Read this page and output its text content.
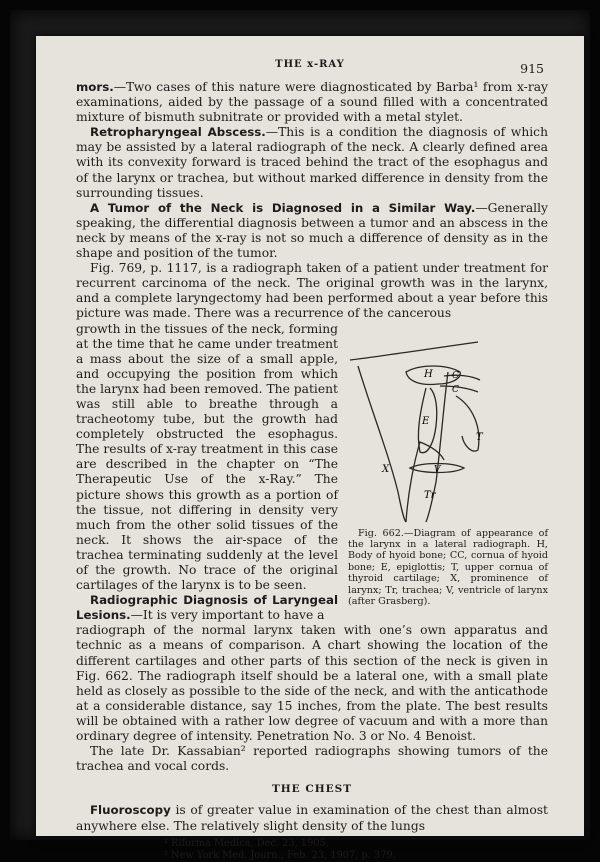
THE x-RAY	915

mors.—Two cases of this nature were diagnosticated by Barba¹ from x-ray examinations, aided by the passage of a sound filled with a concentrated mixture of bismuth subnitrate or provided with a metal stylet.

Retropharyngeal Abscess.—This is a condition the diagnosis of which may be assisted by a lateral radiograph of the neck. A clearly defined area with its convexity forward is traced behind the tract of the esophagus and of the larynx or trachea, but without marked difference in density from the surrounding tissues.

A Tumor of the Neck is Diagnosed in a Similar Way.—Generally speaking, the differential diagnosis between a tumor and an abscess in the neck by means of the x-ray is not so much a difference of density as in the shape and position of the tumor.

Fig. 769, p. 1117, is a radiograph taken of a patient under treatment for recurrent carcinoma of the neck. The original growth was in the larynx, and a complete laryngectomy had been performed about a year before this picture was made. There was a recurrence of the cancerous

growth in the tissues of the neck, forming at the time that he came under treatment a mass about the size of a small apple, and occupying the position from which the larynx had been removed. The patient was still able to breathe through a tracheotomy tube, but the growth had completely obstructed the esophagus. The results of x-ray treatment in this case are described in the chapter on “The Therapeutic Use of the x-Ray.” The picture shows this growth as a portion of the tissue, not differing in density very much from the other solid tissues of the neck. It shows the air-space of the trachea terminating suddenly at the level of the growth. No trace of the original cartilages of the larynx is to be seen.

Radiographic Diagnosis of Laryngeal Lesions.—It is very important to have a

H C
C
E
T
X	V
Tr
Fig. 662.—Diagram of appearance of the larynx in a lateral radiograph. H, Body of hyoid bone; CC, cornua of hyoid bone; E, epiglottis; T, upper cornua of thyroid cartilage; X, prominence of larynx; Tr, trachea; V, ventricle of larynx (after Grasberg).

radiograph of the normal larynx taken with one’s own apparatus and technic as a means of comparison. A chart showing the location of the different cartilages and other parts of this section of the neck is given in Fig. 662. The radiograph itself should be a lateral one, with a small plate held as closely as possible to the side of the neck, and with the anticathode at a considerable distance, say 15 inches, from the plate. The best results will be obtained with a rather low degree of vacuum and with a more than ordinary degree of intensity. Penetration No. 3 or No. 4 Benoist.

The late Dr. Kassabian² reported radiographs showing tumors of the trachea and vocal cords.

THE CHEST

Fluoroscopy is of greater value in examination of the chest than almost anywhere else. The relatively slight density of the lungs

¹ Riforma Medica, Dec. 23, 1905.
² New York Med. Journ., Feb. 23, 1907, p. 379.
